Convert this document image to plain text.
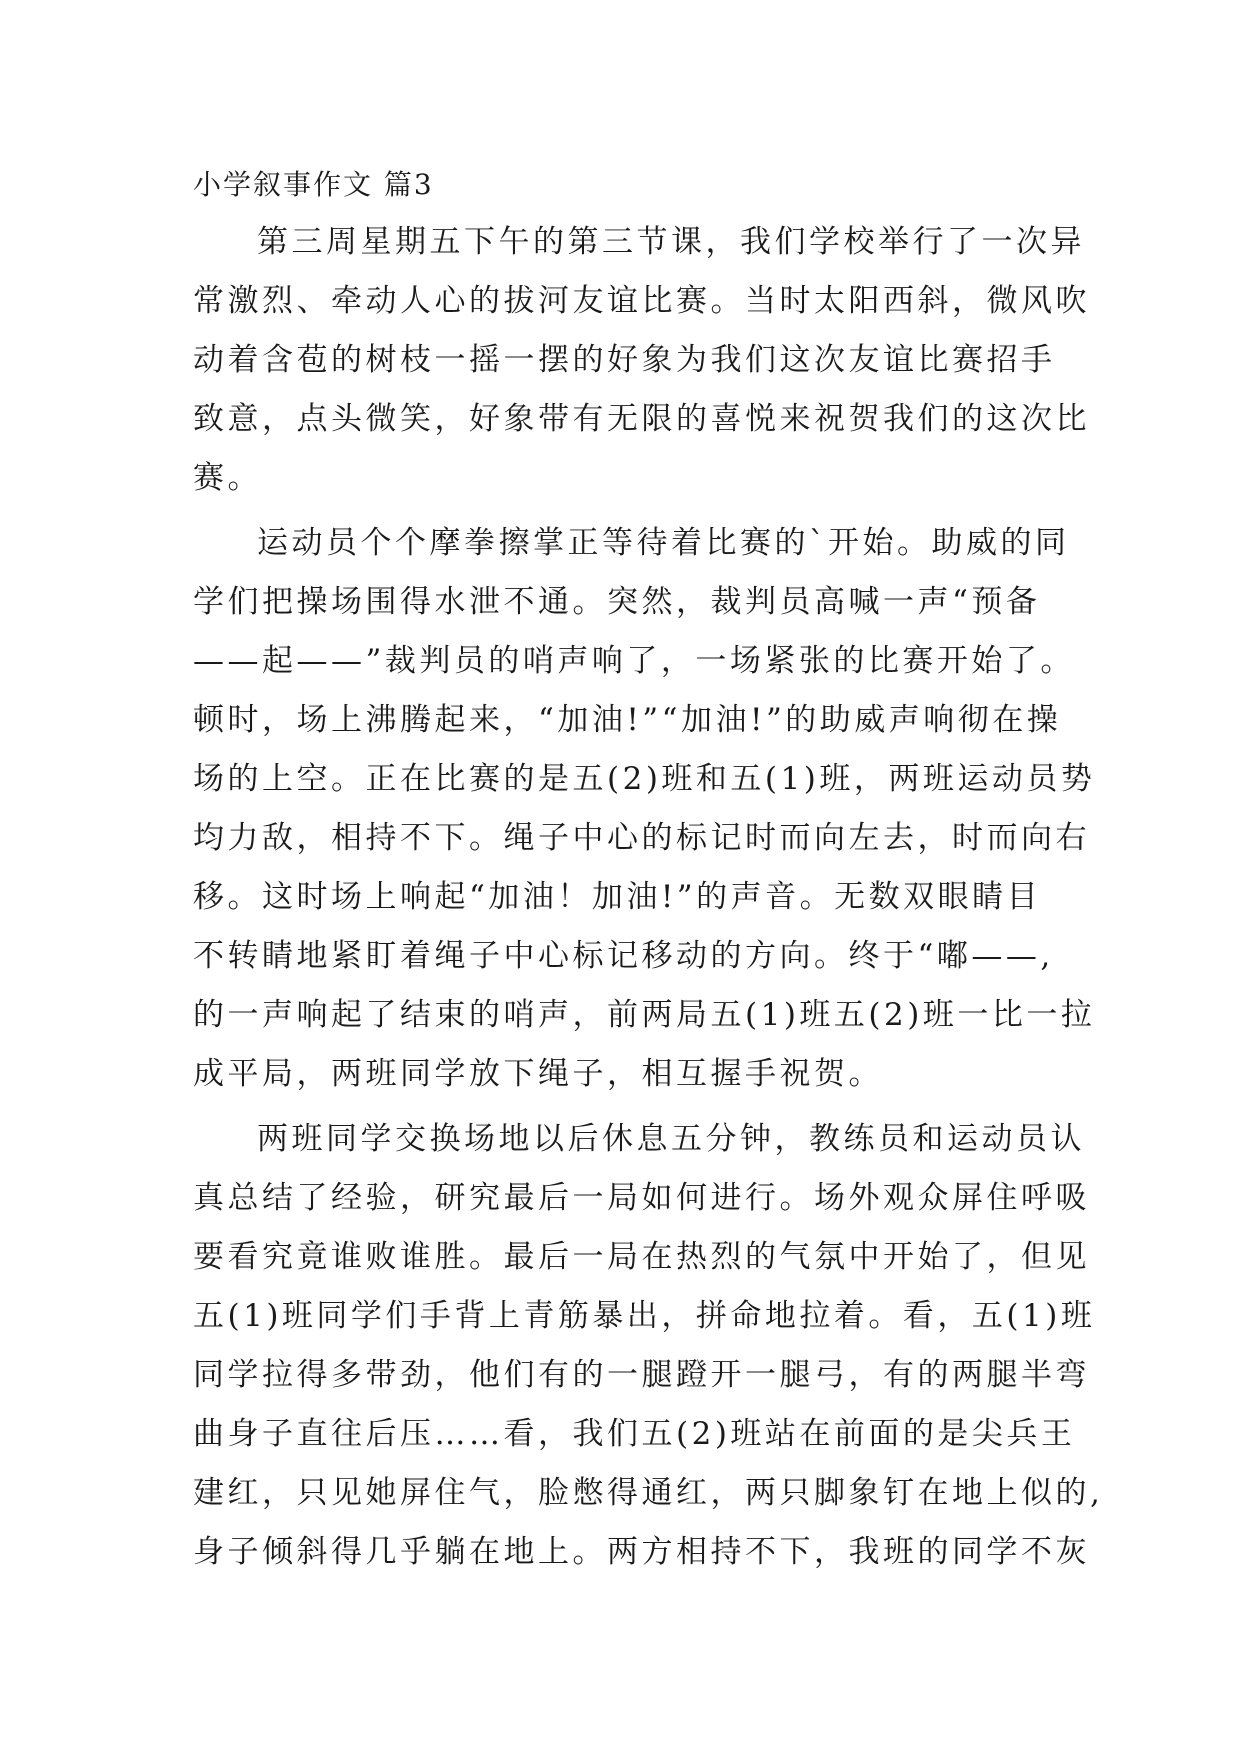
小学叙事作文 篇3
第三周星期五下午的第三节课，我们学校举行了一次异
常激烈、牵动人心的拔河友谊比赛。当时太阳西斜，微风吹
动着含苞的树枝一摇一摆的好象为我们这次友谊比赛招手
致意，点头微笑，好象带有无限的喜悦来祝贺我们的这次比
赛。
运动员个个摩拳擦掌正等待着比赛的`开始。助威的同
学们把操场围得水泄不通。突然，裁判员高喊一声“预备
——起——”裁判员的哨声响了，一场紧张的比赛开始了。
顿时，场上沸腾起来，“加油!”“加油!”的助威声响彻在操
场的上空。正在比赛的是五(2)班和五(1)班，两班运动员势
均力敌，相持不下。绳子中心的标记时而向左去，时而向右
移。这时场上响起“加油！加油!”的声音。无数双眼睛目
不转睛地紧盯着绳子中心标记移动的方向。终于“嘟——,
的一声响起了结束的哨声，前两局五(1)班五(2)班一比一拉
成平局，两班同学放下绳子，相互握手祝贺。
两班同学交换场地以后休息五分钟，教练员和运动员认
真总结了经验，研究最后一局如何进行。场外观众屏住呼吸
要看究竟谁败谁胜。最后一局在热烈的气氛中开始了，但见
五(1)班同学们手背上青筋暴出，拼命地拉着。看，五(1)班
同学拉得多带劲，他们有的一腿蹬开一腿弓，有的两腿半弯
曲身子直往后压……看，我们五(2)班站在前面的是尖兵王
建红，只见她屏住气，脸憋得通红，两只脚象钉在地上似的,
身子倾斜得几乎躺在地上。两方相持不下，我班的同学不灰
